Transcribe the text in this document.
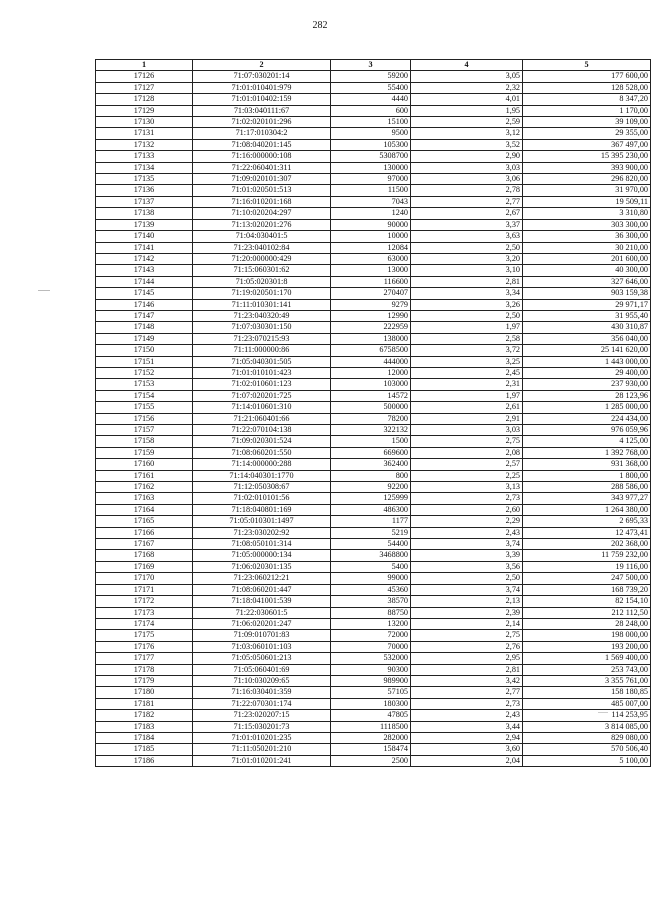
282
1	2	3	4	5
17126	71:07:030201:14	59200	3,05	177 600,00
17127	71:01:010401:979	55400	2,32	128 528,00
17128	71:01:010402:159	4440	4,01	8 347,20
17129	71:03:040111:67	600	1,95	1 170,00
17130	71:02:020101:296	15100	2,59	39 109,00
17131	71:17:010304:2	9500	3,12	29 355,00
17132	71:08:040201:145	105300	3,52	367 497,00
17133	71:16:000000:108	5308700	2,90	15 395 230,00
17134	71:22:060401:311	130000	3,03	393 900,00
17135	71:09:020101:307	97000	3,06	296 820,00
17136	71:01:020501:513	11500	2,78	31 970,00
17137	71:16:010201:168	7043	2,77	19 509,11
17138	71:10:020204:297	1240	2,67	3 310,80
17139	71:13:020201:276	90000	3,37	303 300,00
17140	71:04:030401:5	10000	3,63	36 300,00
17141	71:23:040102:84	12084	2,50	30 210,00
17142	71:20:000000:429	63000	3,20	201 600,00
17143	71:15:060301:62	13000	3,10	40 300,00
17144	71:05:020301:8	116600	2,81	327 646,00
17145	71:19:020501:170	270407	3,34	903 159,38
17146	71:11:010301:141	9279	3,26	29 971,17
17147	71:23:040320:49	12990	2,50	31 955,40
17148	71:07:030301:150	222959	1,97	430 310,87
17149	71:23:070215:93	138000	2,58	356 040,00
17150	71:11:000000:86	6758500	3,72	25 141 620,00
17151	71:05:040301:505	444000	3,25	1 443 000,00
17152	71:01:010101:423	12000	2,45	29 400,00
17153	71:02:010601:123	103000	2,31	237 930,00
17154	71:07:020201:725	14572	1,97	28 123,96
17155	71:14:010601:310	500000	2,61	1 285 000,00
17156	71:21:060401:66	78200	2,91	224 434,00
17157	71:22:070104:138	322132	3,03	976 059,96
17158	71:09:020301:524	1500	2,75	4 125,00
17159	71:08:060201:550	669600	2,08	1 392 768,00
17160	71:14:000000:288	362400	2,57	931 368,00
17161	71:14:040301:1770	800	2,25	1 800,00
17162	71:12:050308:67	92200	3,13	288 586,00
17163	71:02:010101:56	125999	2,73	343 977,27
17164	71:18:040801:169	486300	2,60	1 264 380,00
17165	71:05:010301:1497	1177	2,29	2 695,33
17166	71:23:030202:92	5219	2,43	12 473,41
17167	71:08:050101:314	54400	3,74	202 368,00
17168	71:05:000000:134	3468800	3,39	11 759 232,00
17169	71:06:020301:135	5400	3,56	19 116,00
17170	71:23:060212:21	99000	2,50	247 500,00
17171	71:08:060201:447	45360	3,74	168 739,20
17172	71:18:041001:539	38570	2,13	82 154,10
17173	71:22:030601:5	88750	2,39	212 112,50
17174	71:06:020201:247	13200	2,14	28 248,00
17175	71:09:010701:83	72000	2,75	198 000,00
17176	71:03:060101:103	70000	2,76	193 200,00
17177	71:05:050601:213	532000	2,95	1 569 400,00
17178	71:05:060401:69	90300	2,81	253 743,00
17179	71:10:030209:65	989900	3,42	3 355 761,00
17180	71:16:030401:359	57105	2,77	158 180,85
17181	71:22:070301:174	180300	2,73	485 007,00
17182	71:23:020207:15	47805	2,43	114 253,95
17183	71:15:030201:73	1118500	3,44	3 814 085,00
17184	71:01:010201:235	282000	2,94	829 080,00
17185	71:11:050201:210	158474	3,60	570 506,40
17186	71:01:010201:241	2500	2,04	5 100,00
